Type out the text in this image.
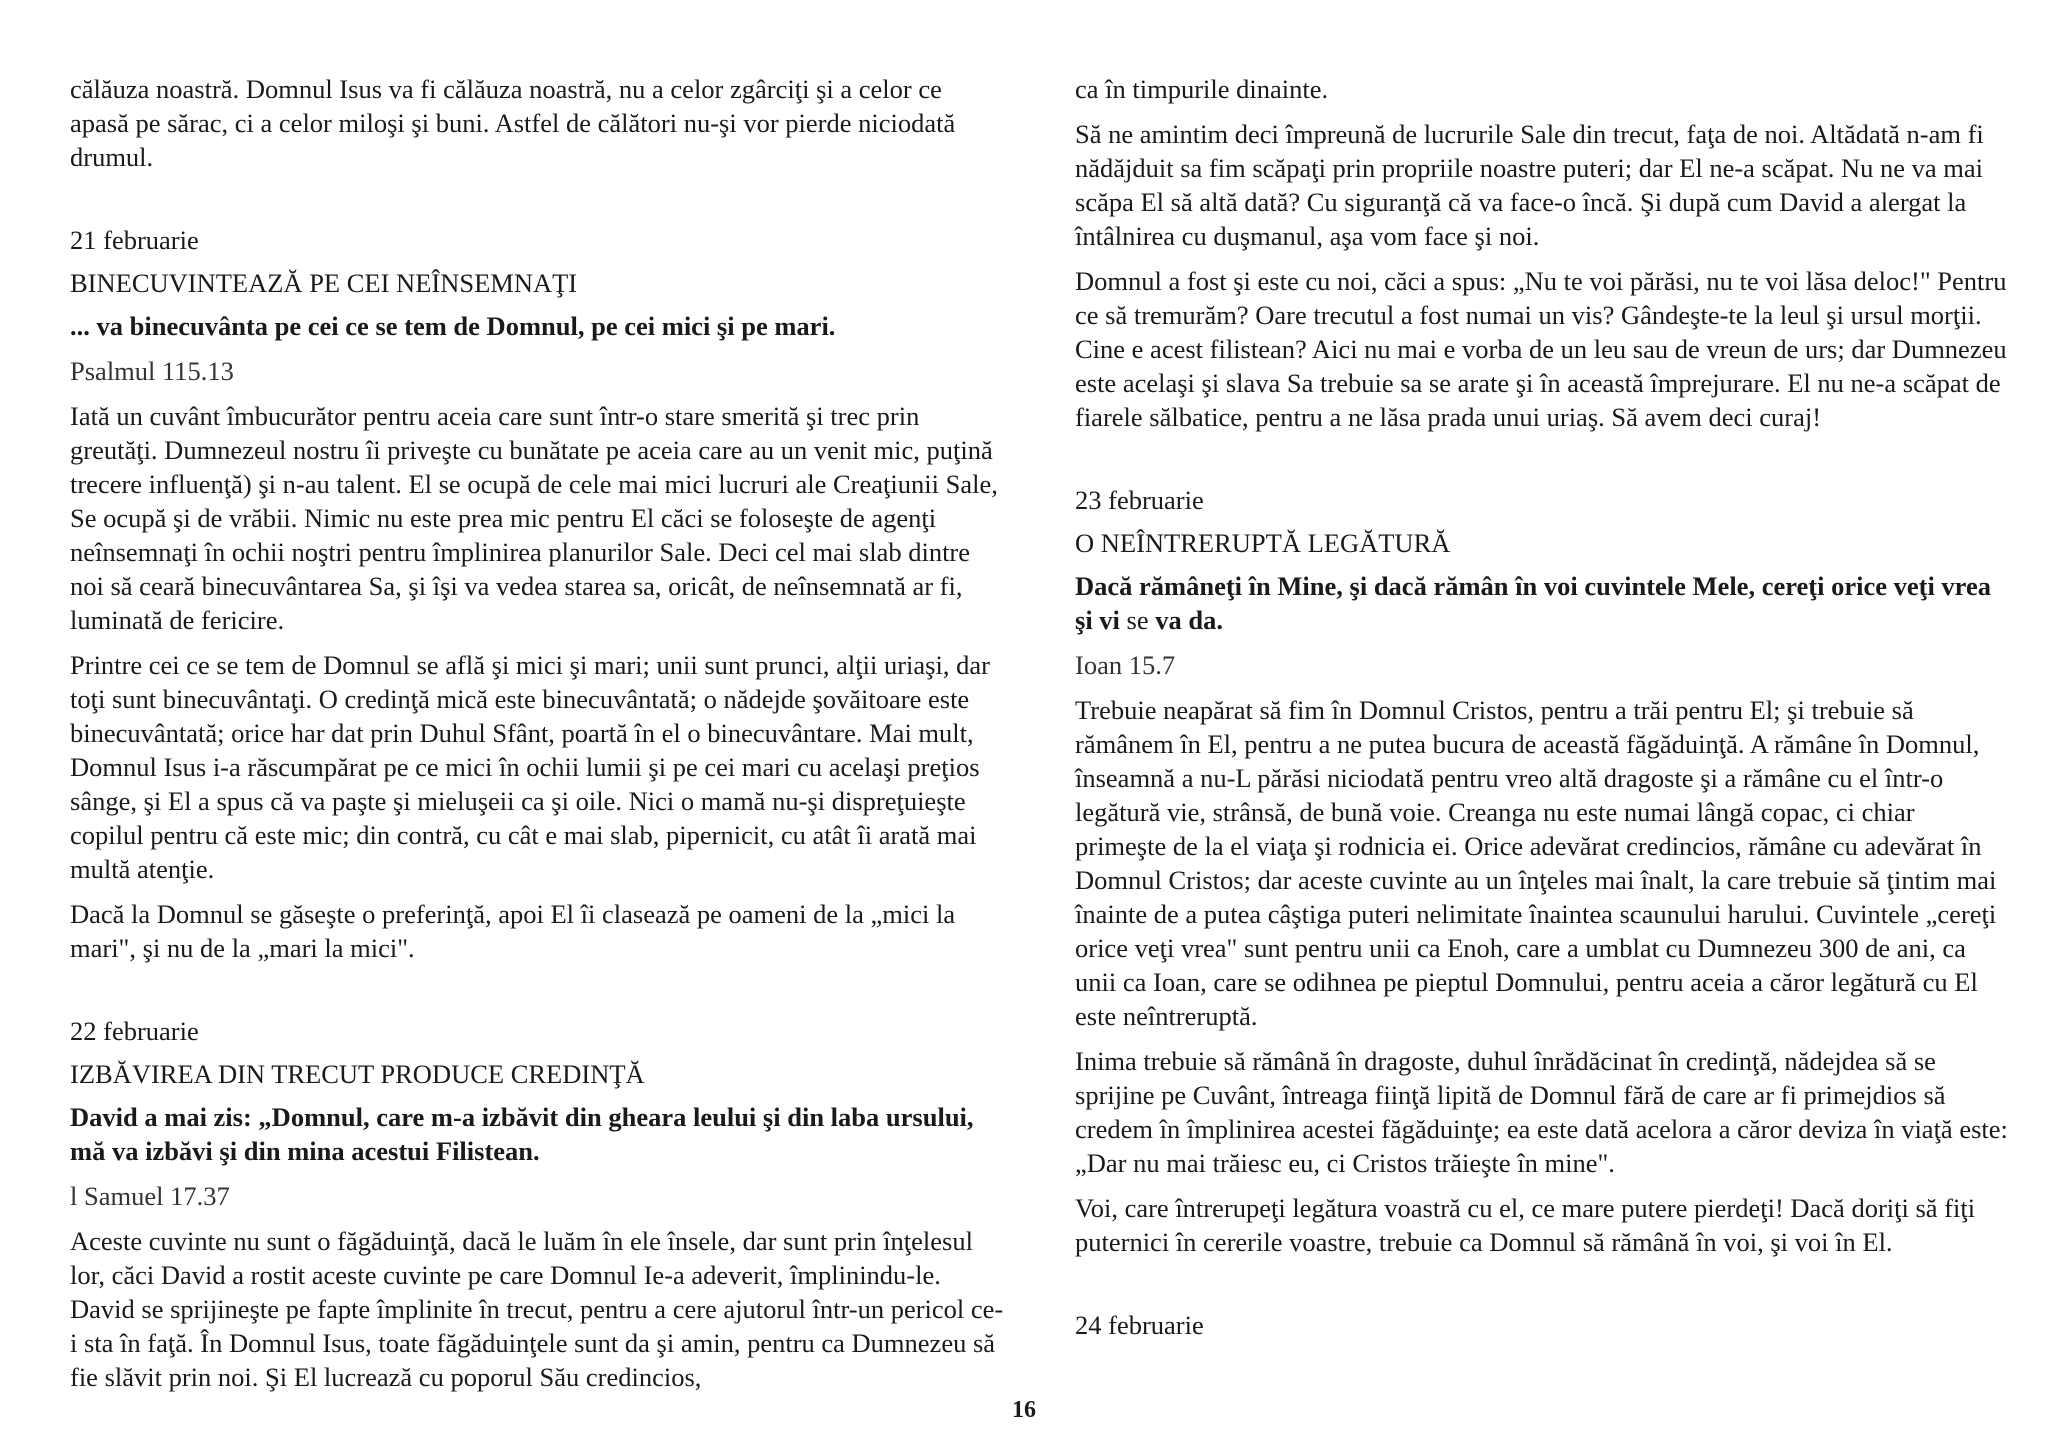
călăuza noastră. Domnul Isus va fi călăuza noastră, nu a celor zgârciţi şi a celor ce apasă pe sărac, ci a celor miloşi şi buni. Astfel de călători nu-şi vor pierde niciodată drumul.

21 februarie

BINECUVINTEAZĂ PE CEI NEÎNSEMNAŢI

... va binecuvânta pe cei ce se tem de Domnul, pe cei mici şi pe mari.

Psalmul 115.13

Iată un cuvânt îmbucurător pentru aceia care sunt într-o stare smerită şi trec prin greutăţi. Dumnezeul nostru îi priveşte cu bunătate pe aceia care au un venit mic, puţină trecere influenţă) şi n-au talent. El se ocupă de cele mai mici lucruri ale Creaţiunii Sale, Se ocupă şi de vrăbii. Nimic nu este prea mic pentru El căci se foloseşte de agenţi neînsemnaţi în ochii noştri pentru împlinirea planurilor Sale. Deci cel mai slab dintre noi să ceară binecuvântarea Sa, şi îşi va vedea starea sa, oricât, de neînsemnată ar fi, luminată de fericire.

Printre cei ce se tem de Domnul se află şi mici şi mari; unii sunt prunci, alţii uriaşi, dar toţi sunt binecuvântaţi. O credinţă mică este binecuvântată; o nădejde şovăitoare este binecuvântată; orice har dat prin Duhul Sfânt, poartă în el o binecuvântare. Mai mult, Domnul Isus i-a răscumpărat pe ce mici în ochii lumii şi pe cei mari cu acelaşi preţios sânge, şi El a spus că va paşte şi mieluşeii ca şi oile. Nici o mamă nu-şi dispreţuieşte copilul pentru că este mic; din contră, cu cât e mai slab, pipernicit, cu atât îi arată mai multă atenţie.

Dacă la Domnul se găseşte o preferinţă, apoi El îi clasează pe oameni de la „mici la mari", şi nu de la „mari la mici".

22 februarie

IZBĂVIREA DIN TRECUT PRODUCE CREDINŢĂ

David a mai zis: „Domnul, care m-a izbăvit din gheara leului şi din laba ursului, mă va izbăvi şi din mina acestui Filistean.

l Samuel 17.37

Aceste cuvinte nu sunt o făgăduinţă, dacă le luăm în ele însele, dar sunt prin înţelesul lor, căci David a rostit aceste cuvinte pe care Domnul Ie-a adeverit, împlinindu-le. David se sprijineşte pe fapte împlinite în trecut, pentru a cere ajutorul într-un pericol ce-i sta în faţă. În Domnul Isus, toate făgăduinţele sunt da şi amin, pentru ca Dumnezeu să fie slăvit prin noi. Şi El lucrează cu poporul Său credincios,

ca în timpurile dinainte.

Să ne amintim deci împreună de lucrurile Sale din trecut, faţa de noi. Altădată n-am fi nădăjduit sa fim scăpaţi prin propriile noastre puteri; dar El ne-a scăpat. Nu ne va mai scăpa El să altă dată? Cu siguranţă că va face-o încă. Şi după cum David a alergat la întâlnirea cu duşmanul, aşa vom face şi noi.

Domnul a fost şi este cu noi, căci a spus: „Nu te voi părăsi, nu te voi lăsa deloc!" Pentru ce să tremurăm? Oare trecutul a fost numai un vis? Gândeşte-te la leul şi ursul morţii. Cine e acest filistean? Aici nu mai e vorba de un leu sau de vreun de urs; dar Dumnezeu este acelaşi şi slava Sa trebuie sa se arate şi în această împrejurare. El nu ne-a scăpat de fiarele sălbatice, pentru a ne lăsa prada unui uriaş. Să avem deci curaj!

23 februarie

O NEÎNTRERUPTĂ LEGĂTURĂ

Dacă rămâneţi în Mine, şi dacă rămân în voi cuvintele Mele, cereţi orice veţi vrea şi vi se va da.

Ioan 15.7

Trebuie neapărat să fim în Domnul Cristos, pentru a trăi pentru El; şi trebuie să rămânem în El, pentru a ne putea bucura de această făgăduinţă. A rămâne în Domnul, înseamnă a nu-L părăsi niciodată pentru vreo altă dragoste şi a rămâne cu el într-o legătură vie, strânsă, de bună voie. Creanga nu este numai lângă copac, ci chiar primeşte de la el viaţa şi rodnicia ei. Orice adevărat credincios, rămâne cu adevărat în Domnul Cristos; dar aceste cuvinte au un înţeles mai înalt, la care trebuie să ţintim mai înainte de a putea câştiga puteri nelimitate înaintea scaunului harului. Cuvintele „cereţi orice veţi vrea" sunt pentru unii ca Enoh, care a umblat cu Dumnezeu 300 de ani, ca unii ca Ioan, care se odihnea pe pieptul Domnului, pentru aceia a căror legătură cu El este neîntreruptă.

Inima trebuie să rămână în dragoste, duhul înrădăcinat în credinţă, nădejdea să se sprijine pe Cuvânt, întreaga fiinţă lipită de Domnul fără de care ar fi primejdios să credem în împlinirea acestei făgăduinţe; ea este dată acelora a căror deviza în viaţă este: „Dar nu mai trăiesc eu, ci Cristos trăieşte în mine".

Voi, care întrerupeţi legătura voastră cu el, ce mare putere pierdeţi! Dacă doriţi să fiţi puternici în cererile voastre, trebuie ca Domnul să rămână în voi, şi voi în El.

24 februarie

16
